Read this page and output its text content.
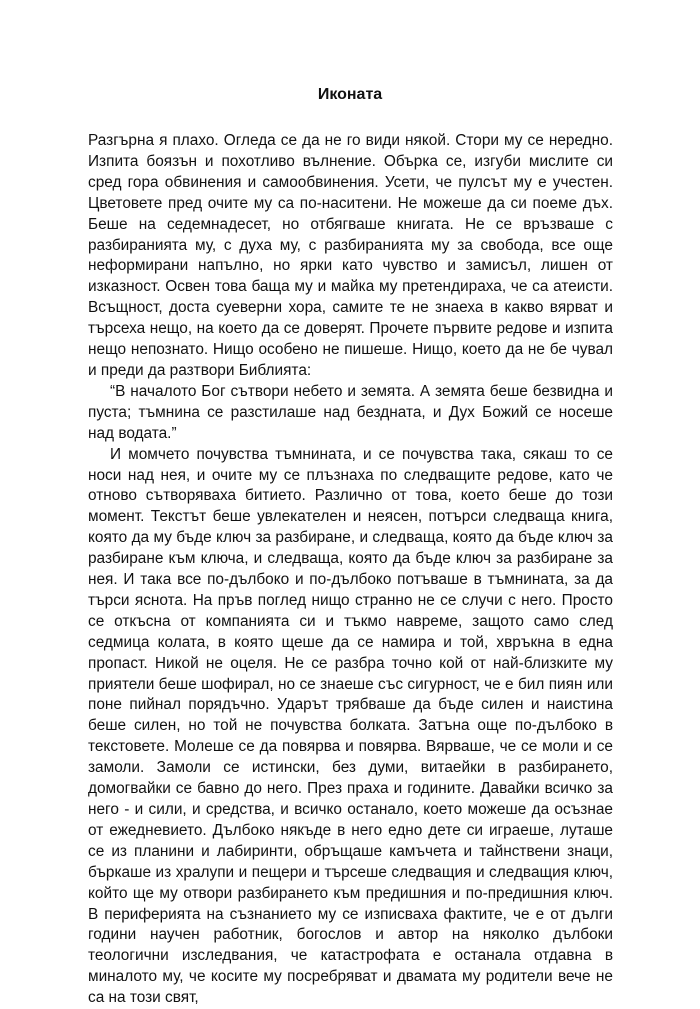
Иконата

Разгърна я плахо. Огледа се да не го види някой. Стори му се нередно. Изпита боязън и похотливо вълнение. Обърка се, изгуби мислите си сред гора обвинения и самообвинения. Усети, че пулсът му е учестен. Цветовете пред очите му са по-наситени. Не можеше да си поеме дъх. Беше на седемнадесет, но отбягваше книгата. Не се връзваше с разбиранията му, с духа му, с разбиранията му за свобода, все още неформирани напълно, но ярки като чувство и замисъл, лишен от изказност. Освен това баща му и майка му претендираха, че са атеисти. Всъщност, доста суеверни хора, самите те не знаеха в какво вярват и търсеха нещо, на което да се доверят. Прочете първите редове и изпита нещо непознато. Нищо особено не пишеше. Нищо, което да не бе чувал и преди да разтвори Библията:

“В началото Бог сътвори небето и земята. А земята беше безвидна и пуста; тъмнина се разстилаше над бездната, и Дух Божий се носеше над водата.”

И момчето почувства тъмнината, и се почувства така, сякаш то се носи над нея, и очите му се плъзнаха по следващите редове, като че отново сътворяваха битието. Различно от това, което беше до този момент. Текстът беше увлекателен и неясен, потърси следваща книга, която да му бъде ключ за разбиране, и следваща, която да бъде ключ за разбиране към ключа, и следваща, която да бъде ключ за разбиране за нея. И така все по-дълбоко и по-дълбоко потъваше в тъмнината, за да търси яснота. На пръв поглед нищо странно не се случи с него. Просто се откъсна от компанията си и тъкмо навреме, защото само след седмица колата, в която щеше да се намира и той, хвръкна в една пропаст. Никой не оцеля. Не се разбра точно кой от най-близките му приятели беше шофирал, но се знаеше със сигурност, че е бил пиян или поне пийнал порядъчно. Ударът трябваше да бъде силен и наистина беше силен, но той не почувства болката. Затъна още по-дълбоко в текстовете. Молеше се да повярва и повярва. Вярваше, че се моли и се замоли. Замоли се истински, без думи, витаейки в разбирането, домогвайки се бавно до него. През праха и годините. Давайки всичко за него - и сили, и средства, и всичко останало, което можеше да осъзнае от ежедневието. Дълбоко някъде в него едно дете си играеше, луташе се из планини и лабиринти, обръщаше камъчета и тайнствени знаци, бъркаше из хралупи и пещери и търсеше следващия и следващия ключ, който ще му отвори разбирането към предишния и по-предишния ключ. В периферията на съзнанието му се изписваха фактите, че е от дълги години научен работник, богослов и автор на няколко дълбоки теологични изследвания, че катастрофата е останала отдавна в миналото му, че косите му посребряват и двамата му родители вече не са на този свят,
